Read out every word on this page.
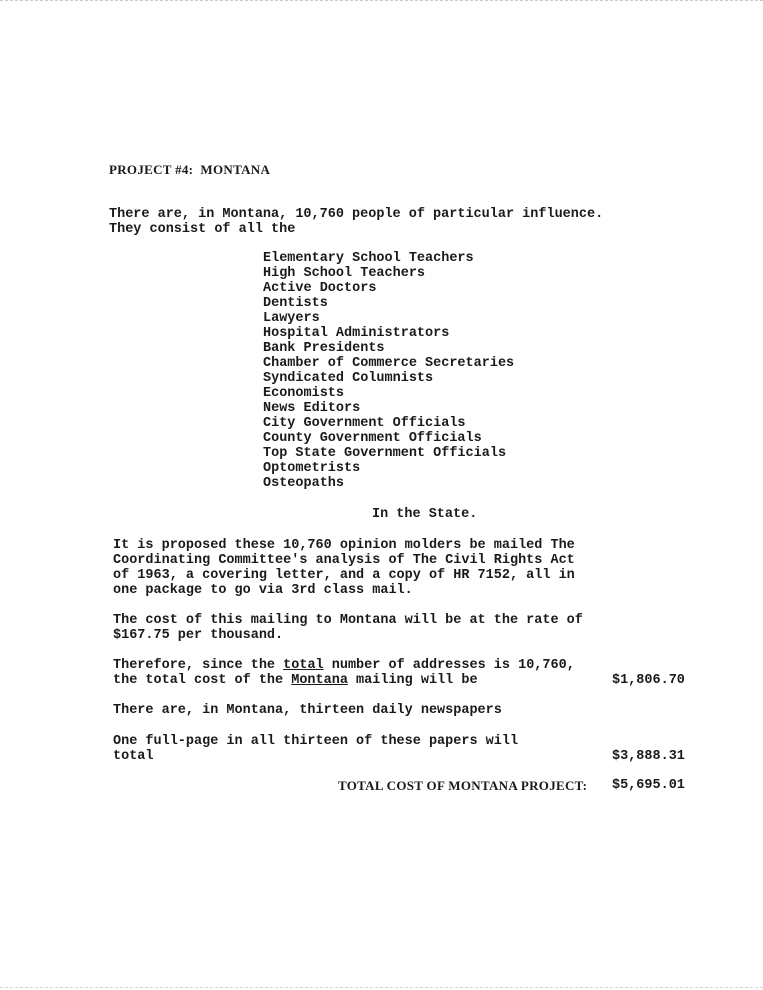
PROJECT #4:  MONTANA
There are, in Montana, 10,760 people of particular influence.
They consist of all the
Elementary School Teachers
High School Teachers
Active Doctors
Dentists
Lawyers
Hospital Administrators
Bank Presidents
Chamber of Commerce Secretaries
Syndicated Columnists
Economists
News Editors
City Government Officials
County Government Officials
Top State Government Officials
Optometrists
Osteopaths
In the State.
It is proposed these 10,760 opinion molders be mailed The
Coordinating Committee's analysis of The Civil Rights Act
of 1963, a covering letter, and a copy of HR 7152, all in
one package to go via 3rd class mail.
The cost of this mailing to Montana will be at the rate of
$167.75 per thousand.
Therefore, since the total number of addresses is 10,760,
the total cost of the Montana mailing will be	$1,806.70
There are, in Montana, thirteen daily newspapers
One full-page in all thirteen of these papers will
total	$3,888.31
TOTAL COST OF MONTANA PROJECT: $5,695.01
